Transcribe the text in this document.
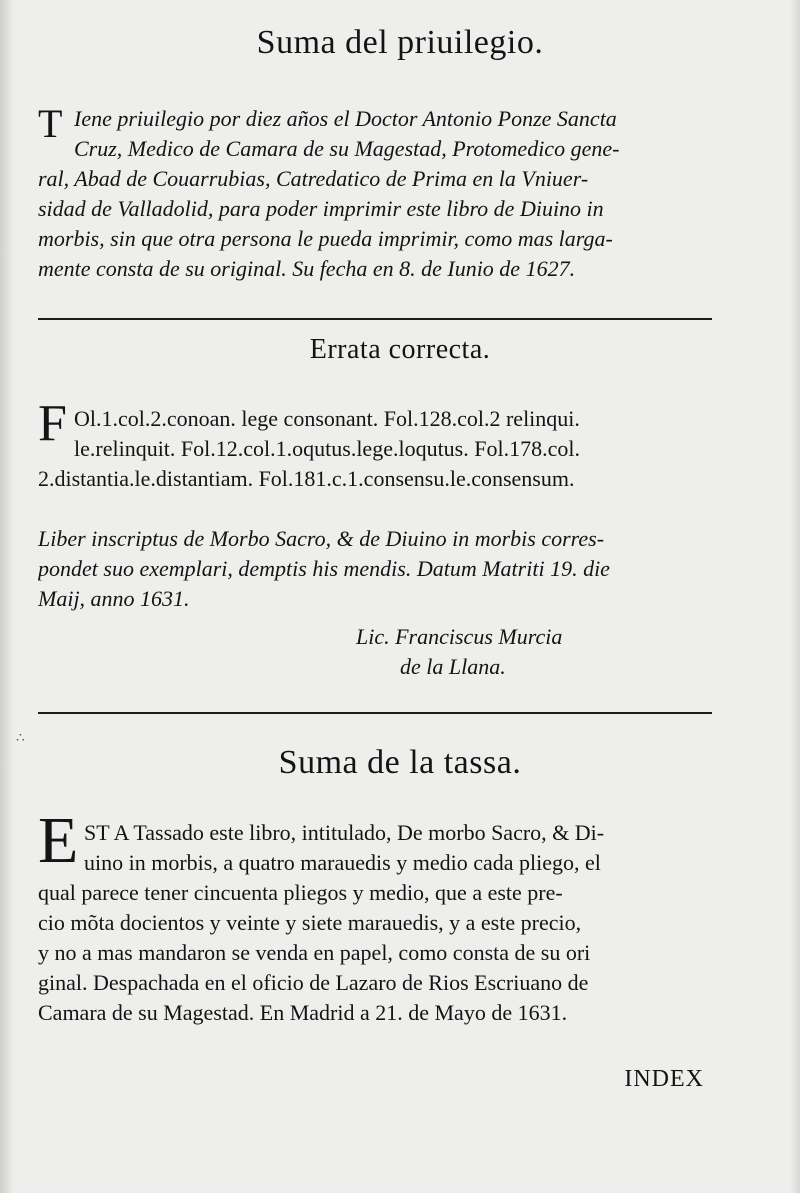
∴
Suma del priuilegio.
T Iene priuilegio por diez años el Doctor Antonio Ponze Sancta
Cruz, Medico de Camara de su Magestad, Protomedico gene-
ral, Abad de Couarrubias, Catredatico de Prima en la Vniuer-
sidad de Valladolid, para poder imprimir este libro de Diuino in
morbis, sin que otra persona le pueda imprimir, como mas larga-
mente consta de su original. Su fecha en 8. de Iunio de 1627.
Errata correcta.
F Ol.1.col.2.conoan. lege consonant. Fol.128.col.2 relinqui.
le.relinquit. Fol.12.col.1.oqutus.lege.loqutus. Fol.178.col.
2.distantia.le.distantiam. Fol.181.c.1.consensu.le.consensum.
Liber inscriptus de Morbo Sacro, & de Diuino in morbis corres-
pondet suo exemplari, demptis his mendis. Datum Matriti 19. die
Maij, anno 1631.
Lic. Franciscus Murcia
de la Llana.
Suma de la tassa.
E ST A Tassado este libro, intitulado, De morbo Sacro, & Di-
uino in morbis, a quatro marauedis y medio cada pliego, el
qual parece tener cincuenta pliegos y medio, que a este pre-
cio mõta docientos y veinte y siete marauedis, y a este precio,
y no a mas mandaron se venda en papel, como consta de su ori
ginal. Despachada en el oficio de Lazaro de Rios Escriuano de
Camara de su Magestad. En Madrid a 21. de Mayo de 1631.
INDEX
